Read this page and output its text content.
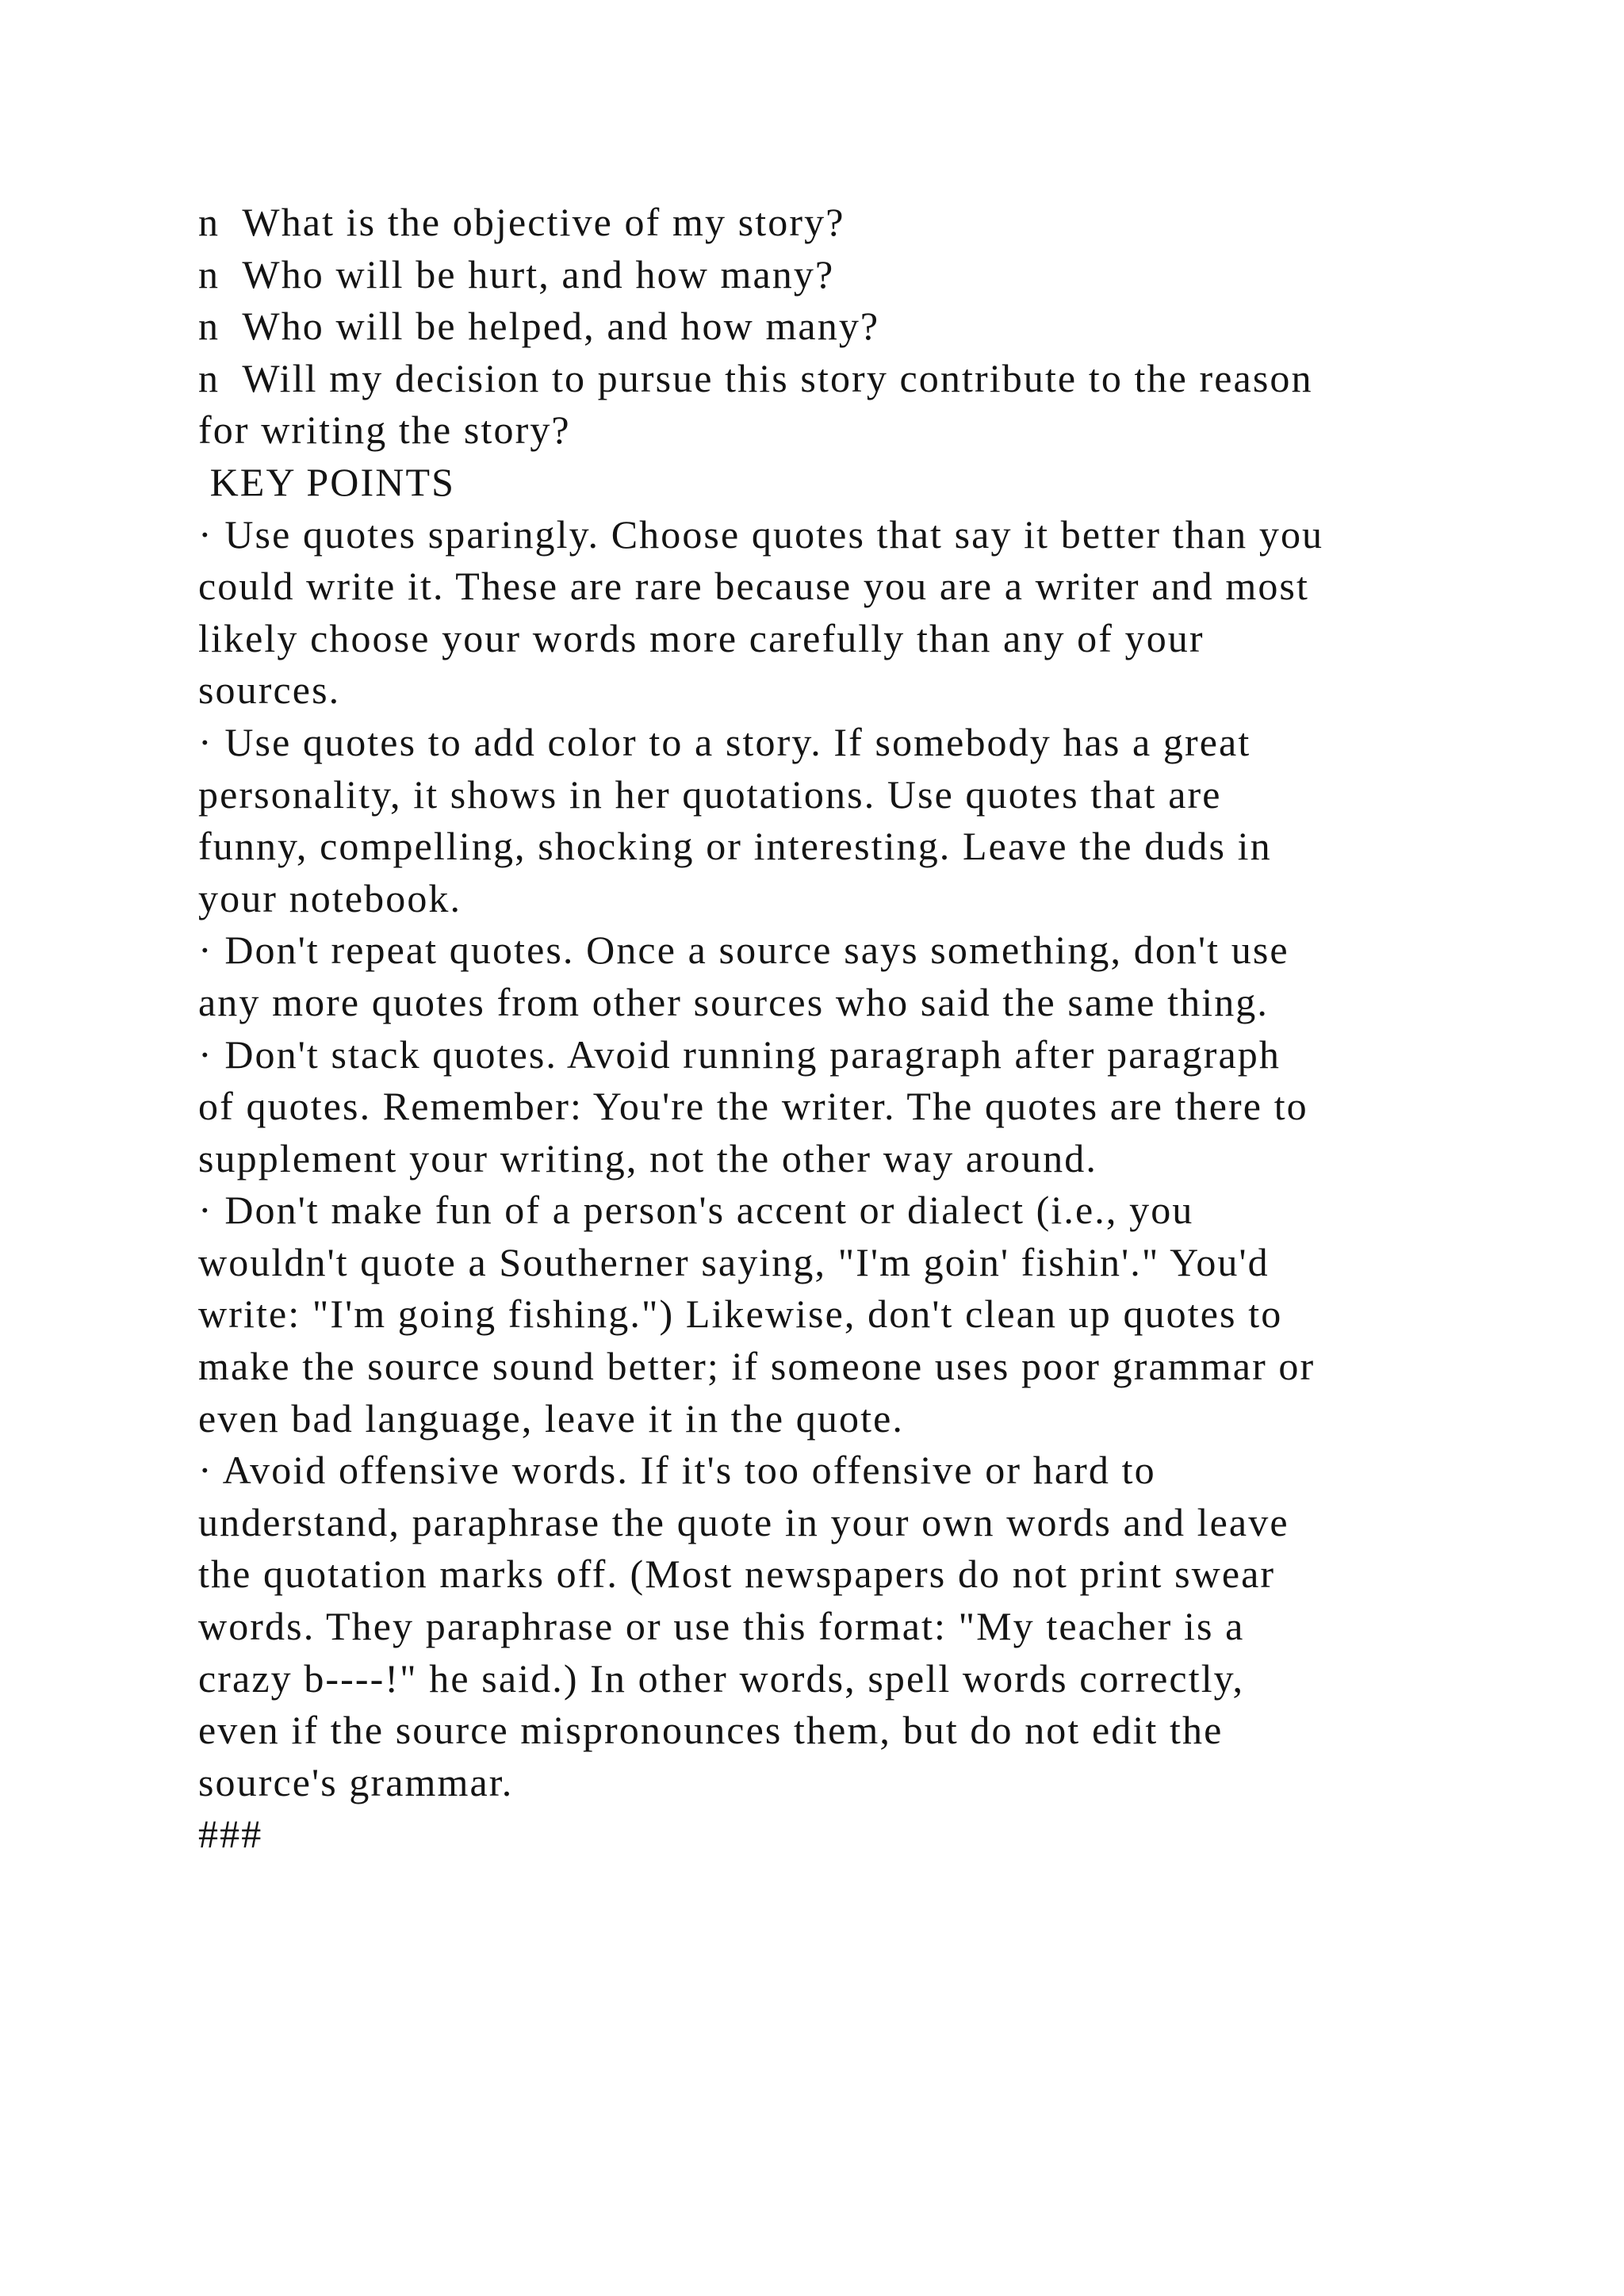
n  What is the objective of my story?
n  Who will be hurt, and how many?
n  Who will be helped, and how many?
n  Will my decision to pursue this story contribute to the reason
for writing the story?
KEY POINTS
· Use quotes sparingly. Choose quotes that say it better than you
could write it. These are rare because you are a writer and most
likely choose your words more carefully than any of your
sources.
· Use quotes to add color to a story. If somebody has a great
personality, it shows in her quotations. Use quotes that are
funny, compelling, shocking or interesting. Leave the duds in
your notebook.
· Don't repeat quotes. Once a source says something, don't use
any more quotes from other sources who said the same thing.
· Don't stack quotes. Avoid running paragraph after paragraph
of quotes. Remember: You're the writer. The quotes are there to
supplement your writing, not the other way around.
· Don't make fun of a person's accent or dialect (i.e., you
wouldn't quote a Southerner saying, "I'm goin' fishin'." You'd
write: "I'm going fishing.") Likewise, don't clean up quotes to
make the source sound better; if someone uses poor grammar or
even bad language, leave it in the quote.
· Avoid offensive words. If it's too offensive or hard to
understand, paraphrase the quote in your own words and leave
the quotation marks off. (Most newspapers do not print swear
words. They paraphrase or use this format: "My teacher is a
crazy b----!" he said.) In other words, spell words correctly,
even if the source mispronounces them, but do not edit the
source's grammar.
###
